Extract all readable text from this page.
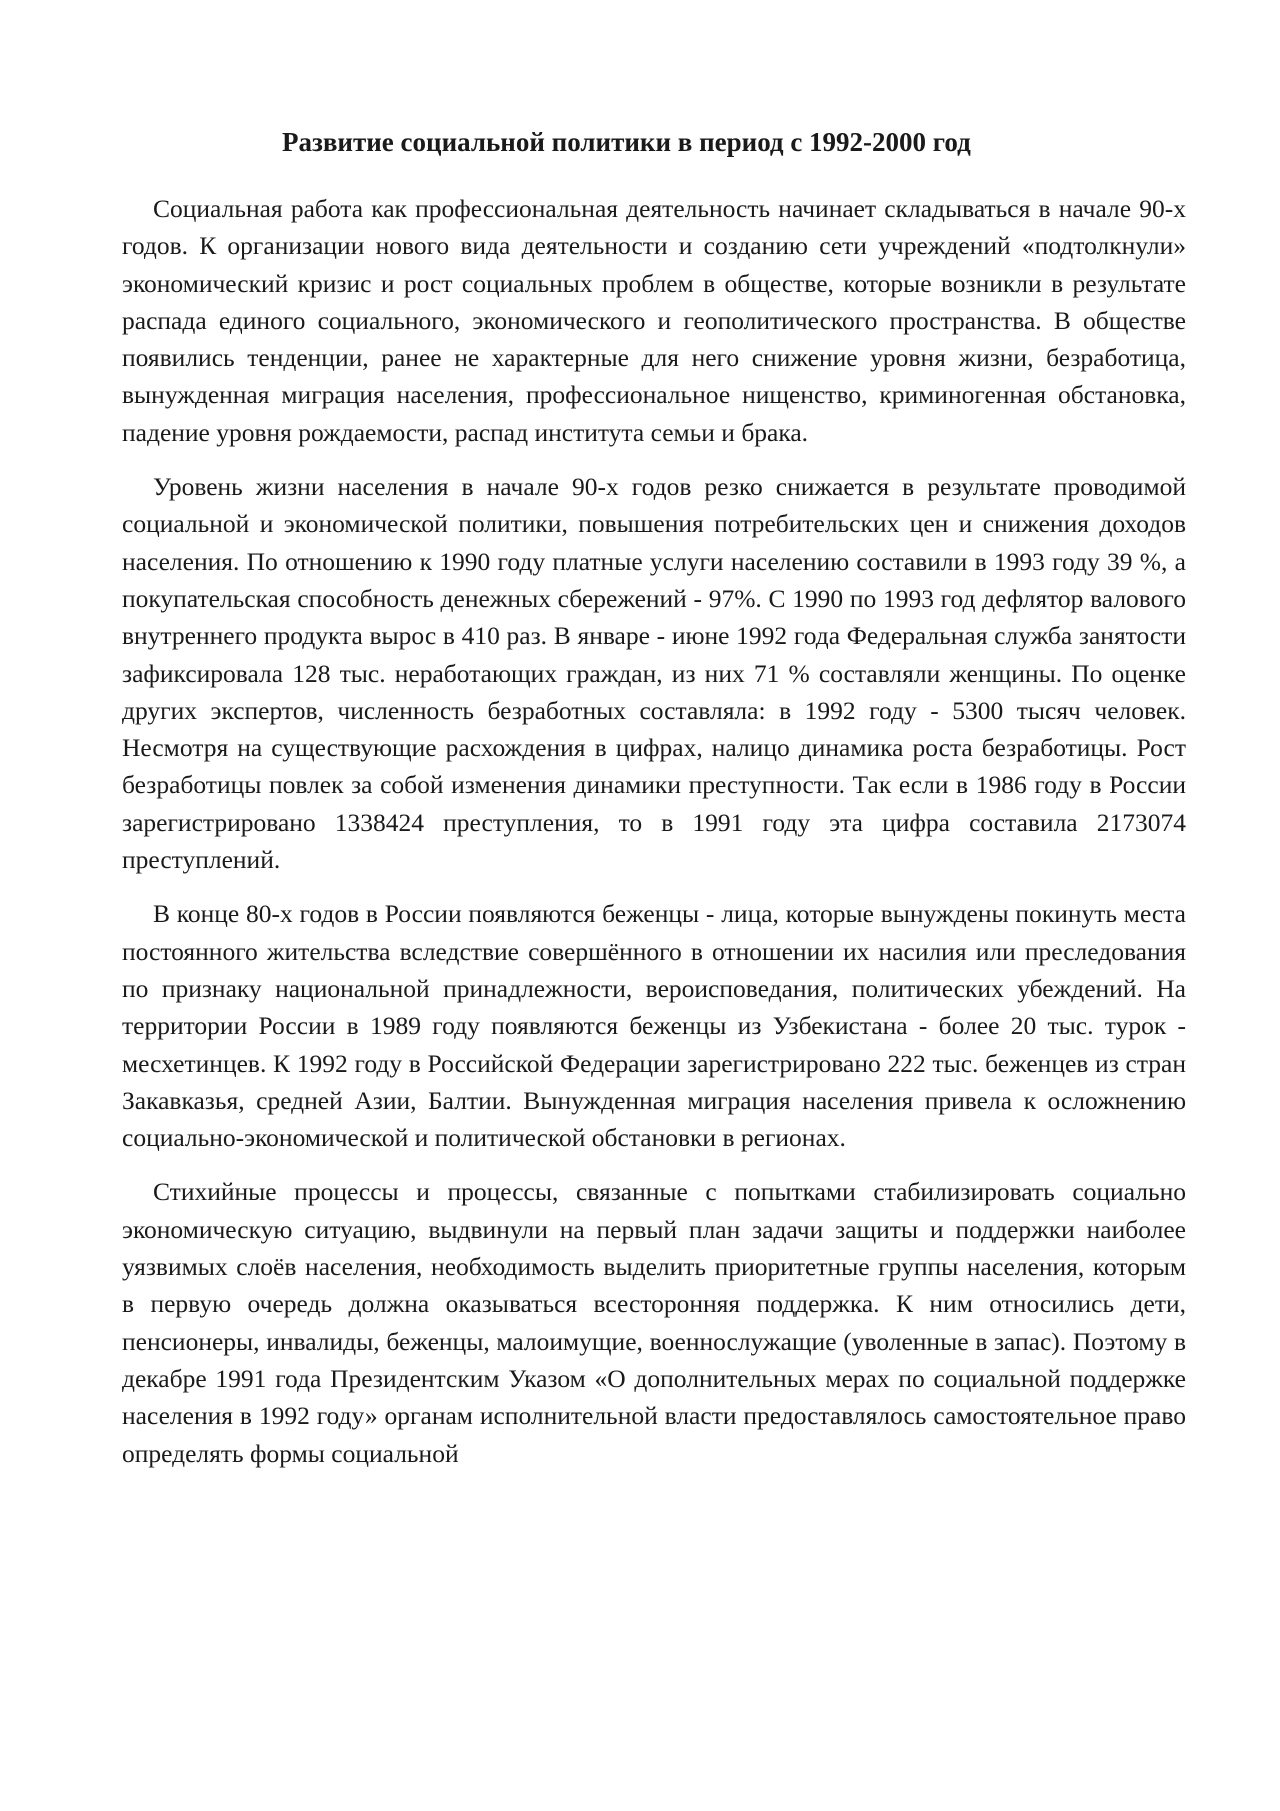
Развитие социальной политики в период с 1992-2000 год

Социальная работа как профессиональная деятельность начинает складываться в начале 90-х годов. К организации нового вида деятельности и созданию сети учреждений «подтолкнули» экономический кризис и рост социальных проблем в обществе, которые возникли в результате распада единого социального, экономического и геополитического пространства. В обществе появились тенденции, ранее не характерные для него снижение уровня жизни, безработица, вынужденная миграция населения, профессиональное нищенство, криминогенная обстановка, падение уровня рождаемости, распад института семьи и брака.

Уровень жизни населения в начале 90-х годов резко снижается в результате проводимой социальной и экономической политики, повышения потребительских цен и снижения доходов населения. По отношению к 1990 году платные услуги населению составили в 1993 году 39 %, а покупательская способность денежных сбережений - 97%. С 1990 по 1993 год дефлятор валового внутреннего продукта вырос в 410 раз. В январе - июне 1992 года Федеральная служба занятости зафиксировала 128 тыс. неработающих граждан, из них 71 % составляли женщины. По оценке других экспертов, численность безработных составляла: в 1992 году - 5300 тысяч человек. Несмотря на существующие расхождения в цифрах, налицо динамика роста безработицы. Рост безработицы повлек за собой изменения динамики преступности. Так если в 1986 году в России зарегистрировано 1338424 преступления, то в 1991 году эта цифра составила 2173074 преступлений.

В конце 80-х годов в России появляются беженцы - лица, которые вынуждены покинуть места постоянного жительства вследствие совершённого в отношении их насилия или преследования по признаку национальной принадлежности, вероисповедания, политических убеждений. На территории России в 1989 году появляются беженцы из Узбекистана - более 20 тыс. турок - месхетинцев. К 1992 году в Российской Федерации зарегистрировано 222 тыс. беженцев из стран Закавказья, средней Азии, Балтии. Вынужденная миграция населения привела к осложнению социально-экономической и политической обстановки в регионах.

Стихийные процессы и процессы, связанные с попытками стабилизировать социально экономическую ситуацию, выдвинули на первый план задачи защиты и поддержки наиболее уязвимых слоёв населения, необходимость выделить приоритетные группы населения, которым в первую очередь должна оказываться всесторонняя поддержка. К ним относились дети, пенсионеры, инвалиды, беженцы, малоимущие, военнослужащие (уволенные в запас). Поэтому в декабре 1991 года Президентским Указом «О дополнительных мерах по социальной поддержке населения в 1992 году» органам исполнительной власти предоставлялось самостоятельное право определять формы социальной
